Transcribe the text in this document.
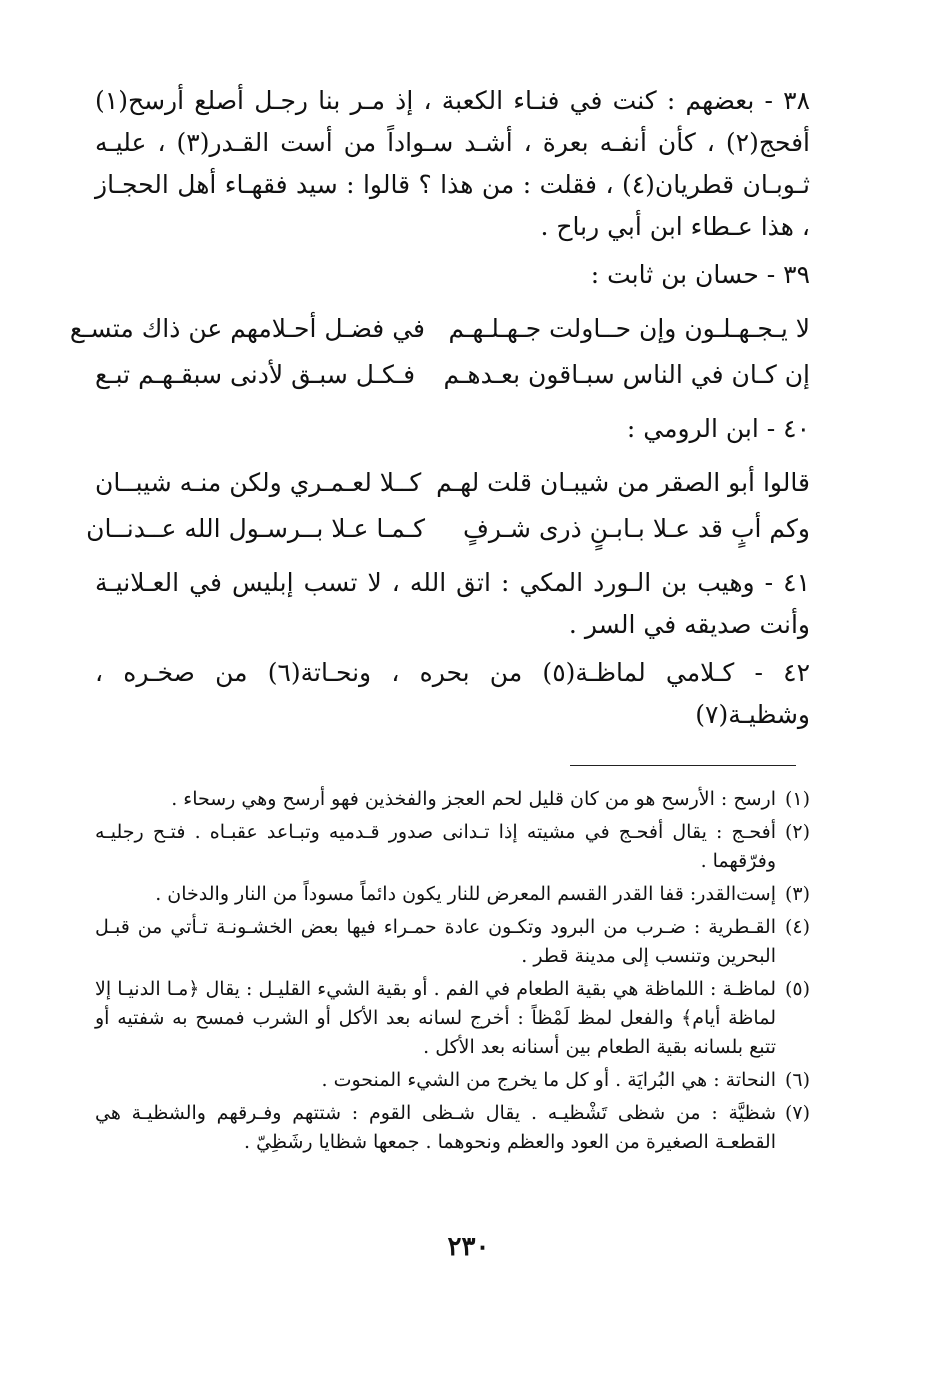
٣٨ - بعضهم : كنت في فنـاء الكعبة ، إذ مـر بنا رجـل أصلع أرسح(١) أفحج(٢) ، كأن أنفـه بعرة ، أشـد سـواداً من أست القـدر(٣) ، عليـه ثـوبـان قطريان(٤) ، فقلت : من هذا ؟ قالوا : سيد فقهـاء أهل الحجـاز ، هذا عـطاء ابن أبي رباح .

٣٩ - حسان بن ثابت :
لا يـجـهـلـون وإن حــاولت جـهـلـهـم
في فضـل أحـلامهم عن ذاك متسـع
إن كـان في الناس سبـاقون بعـدهـم
فـكـل سبـق لأدنى سبقـهـم تبـع
٤٠ - ابن الرومي :
قالوا أبو الصقر من شيبـان قلت لهـم
كــلا لعـمـري ولكن منـه شيبــان
وكم أبٍ قد عـلا بـابـنٍ ذرى شـرفٍ
كـمـا عـلا بــرسـول الله عــدنــان

٤١ - وهيب بن الـورد المكي : اتق الله ، لا تسب إبليس في العـلانيـة وأنت صديقه في السر .

٤٢ - كـلامي لماظـة(٥) من بحره ، ونحـاتة(٦) من صخـره ، وشظيـة(٧)

(١)
ارسح : الأرسح هو من كان قليل لحم العجز والفخذين فهو أرسح وهي رسحاء .
(٢)
أفحـج : يقال أفحـج في مشيته إذا تـدانى صدور قـدميه وتبـاعد عقبـاه . فتـح رجليـه وفرّقهما .
(٣)
إست‌القدر: قفا القدر القسم المعرض للنار يكون دائماً مسوداً من النار والدخان .
(٤)
القـطرية : ضـرب من البرود وتكـون عادة حمـراء فيها بعض الخشـونـة تـأتي من قبـل البحرين وتنسب إلى مدينة قطر .
(٥)
لماظـة : اللماظة هي بقية الطعام في الفم . أو بقية الشيء القليـل : يقال ﴿مـا الدنيـا إلا لماظة أيام﴾ والفعل لمظ لَمْظاً : أخرج لسانه بعد الأكل أو الشرب فمسح به شفتيه أو تتبع بلسانه بقية الطعام بين أسنانه بعد الأكل .
(٦)
النحاتة : هي البُرايَة . أو كل ما يخرج من الشيء المنحوت .
(٧)
شظيَّة : من شظى تَشْظيـه . يقال شـظى القوم : شتتهم وفـرقهم والشظيـة هي القطعـة الصغيرة من العود والعظم ونحوهما . جمعها شظايا رشَظِيّ .
٢٣٠
